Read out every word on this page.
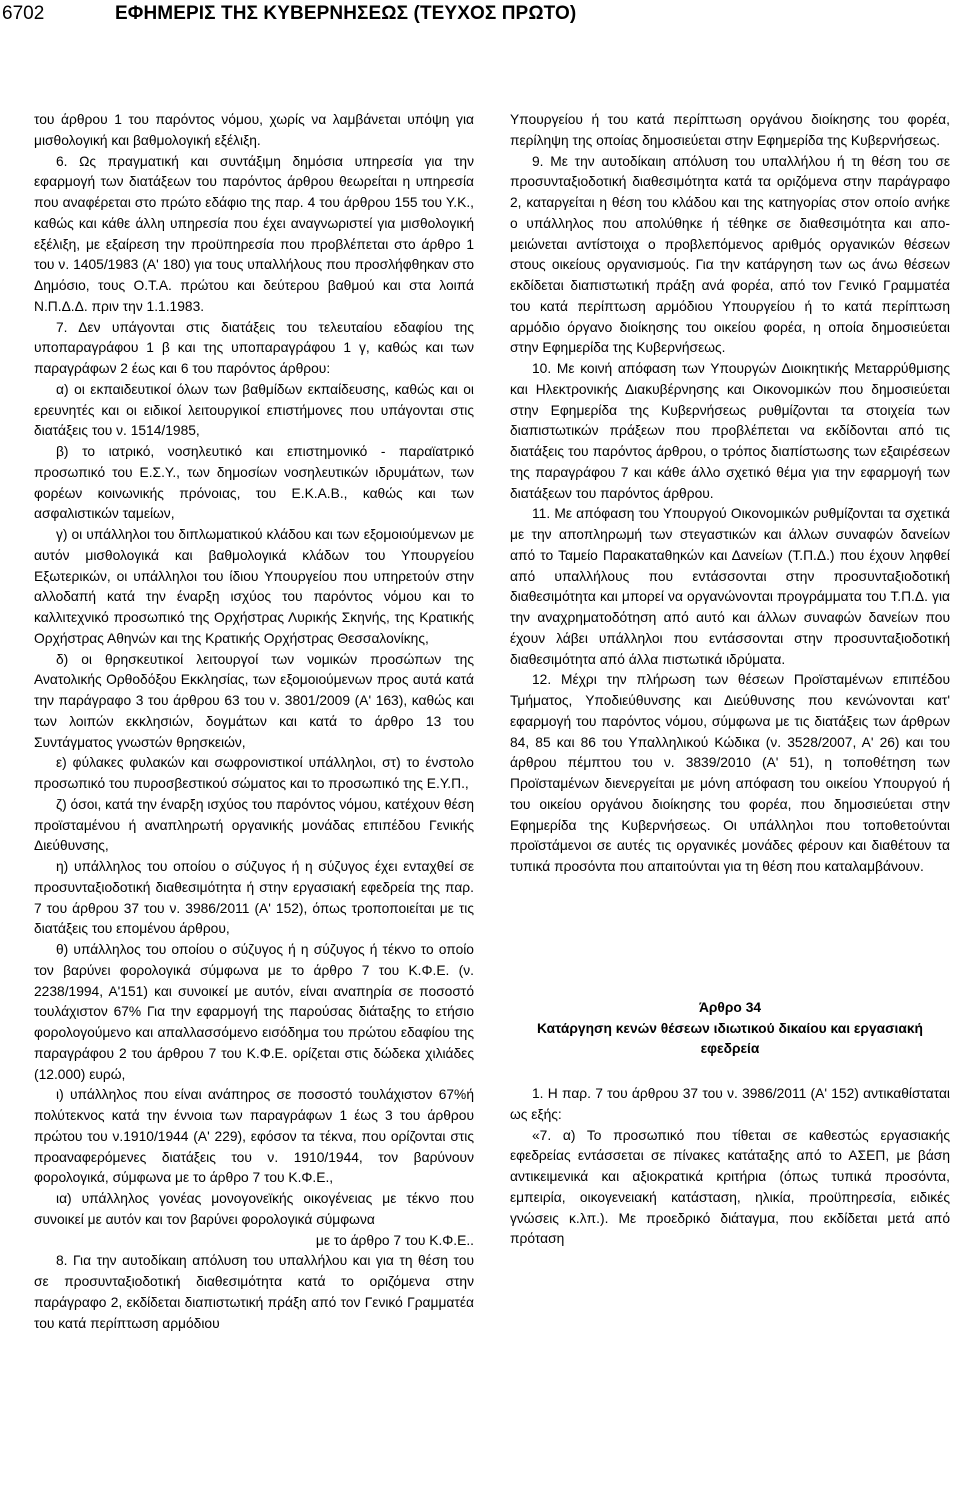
6702	ΕΦΗΜΕΡΙΣ ΤΗΣ ΚΥΒΕΡΝΗΣΕΩΣ (ΤΕΥΧΟΣ ΠΡΩΤΟ)

του άρθρου 1 του παρόντος νόμου, χωρίς να λαμβάνεται υπόψη για μισθολογική και βαθμολογική εξέλιξη.

6. Ως πραγματική και συντάξιμη δημόσια υπηρεσία για την εφαρμογή των διατάξεων του παρόντος άρθρου θεωρείται η υπηρεσία που αναφέρεται στο πρώτο εδάφιο της παρ. 4 του άρθρου 155 του Υ.Κ., καθώς και κάθε άλλη υπηρεσία που έχει αναγνωριστεί για μισθολογική εξέλιξη, με εξαίρεση την προϋπηρεσία που προβλέπεται στο άρθρο 1 του ν. 1405/1983 (Α' 180) για τους υπαλλήλους που προσλήφθηκαν στο Δημόσιο, τους Ο.Τ.Α. πρώτου και δεύτερου βαθμού και στα λοιπά Ν.Π.Δ.Δ. πριν την 1.1.1983.

7. Δεν υπάγονται στις διατάξεις του τελευταίου εδαφίου της υποπαραγράφου 1 β και της υποπαραγράφου 1 γ, καθώς και των παραγράφων 2 έως και 6 του παρόντος άρθρου:

α) οι εκπαιδευτικοί όλων των βαθμίδων εκπαίδευσης, καθώς και οι ερευνητές και οι ειδικοί λειτουργικοί επιστήμονες που υπάγονται στις διατάξεις του ν. 1514/1985,

β) το ιατρικό, νοσηλευτικό και επιστημονικό - παραϊατρικό προσωπικό του Ε.Σ.Υ., των δημοσίων νοσηλευτικών ιδρυμάτων, των φορέων κοινωνικής πρόνοιας, του Ε.Κ.Α.Β., καθώς και των ασφαλιστικών ταμείων,

γ) οι υπάλληλοι του διπλωματικού κλάδου και των εξομοιούμενων με αυτόν μισθολογικά και βαθμολογικά κλάδων του Υπουργείου Εξωτερικών, οι υπάλληλοι του ίδιου Υπουργείου που υπηρετούν στην αλλοδαπή κατά την έναρξη ισχύος του παρόντος νόμου και το καλλιτεχνικό προσωπικό της Ορχήστρας Λυρικής Σκηνής, της Κρατικής Ορχήστρας Αθηνών και της Κρατικής Ορχήστρας Θεσσαλονίκης,

δ) οι θρησκευτικοί λειτουργοί των νομικών προσώπων της Ανατολικής Ορθοδόξου Εκκλησίας, των εξομοιούμενων προς αυτά κατά την παράγραφο 3 του άρθρου 63 του ν. 3801/2009 (Α' 163), καθώς και των λοιπών εκκλησιών, δογμάτων και κατά το άρθρο 13 του Συντάγματος γνωστών θρησκειών,

ε) φύλακες φυλακών και σωφρονιστικοί υπάλληλοι, στ) το ένστολο προσωπικό του πυροσβεστικού σώματος και το προσωπικό της Ε.Υ.Π.,

ζ) όσοι, κατά την έναρξη ισχύος του παρόντος νόμου, κατέχουν θέση προϊσταμένου ή αναπληρωτή οργανικής μονάδας επιπέδου Γενικής Διεύθυνσης,

η) υπάλληλος του οποίου ο σύζυγος ή η σύζυγος έχει ενταχθεί σε προσυνταξιοδοτική διαθεσιμότητα ή στην εργασιακή εφεδρεία της παρ. 7 του άρθρου 37 του ν. 3986/2011 (Α' 152), όπως τροποποιείται με τις διατάξεις του επομένου άρθρου,

θ) υπάλληλος του οποίου ο σύζυγος ή η σύζυγος ή τέκνο το οποίο τον βαρύνει φορολογικά σύμφωνα με το άρθρο 7 του Κ.Φ.Ε. (ν. 2238/1994, Α'151) και συνοικεί με αυτόν, είναι αναπηρία σε ποσοστό τουλάχιστον 67% Για την εφαρμογή της παρούσας διάταξης το ετήσιο φορολογούμενο και απαλλασσόμενο εισόδημα του πρώτου εδαφίου της παραγράφου 2 του άρθρου 7 του Κ.Φ.Ε. ορίζεται στις δώδεκα χιλιάδες (12.000) ευρώ,

ι) υπάλληλος που είναι ανάπηρος σε ποσοστό τουλάχιστον 67%ή πολύτεκνος κατά την έννοια των παραγράφων 1 έως 3 του άρθρου πρώτου του ν.1910/1944 (Α' 229), εφόσον τα τέκνα, που ορίζονται στις προαναφερόμενες διατάξεις του ν. 1910/1944, τον βαρύνουν φορολογικά, σύμφωνα με το άρθρο 7 του Κ.Φ.Ε.,

ια) υπάλληλος γονέας μονογονεϊκής οικογένειας με τέκνο που συνοικεί με αυτόν και τον βαρύνει φορολογικά σύμφωνα

με το άρθρο 7 του Κ.Φ.Ε..

8. Για την αυτοδίκαιη απόλυση του υπαλλήλου και για τη θέση του σε προσυνταξιοδοτική διαθεσιμότητα κατά το οριζόμενα στην παράγραφο 2, εκδίδεται διαπιστωτική πράξη από τον Γενικό Γραμματέα του κατά περίπτωση αρμόδιου

Υπουργείου ή του κατά περίπτωση οργάνου διοίκησης του φορέα, περίληψη της οποίας δημοσιεύεται στην Εφημερίδα της Κυβερνήσεως.

9. Με την αυτοδίκαιη απόλυση του υπαλλήλου ή τη θέση του σε προσυνταξιοδοτική διαθεσιμότητα κατά τα οριζόμενα στην παράγραφο 2, καταργείται η θέση του κλάδου και της κατηγορίας στον οποίο ανήκε ο υπάλληλος που απολύθηκε ή τέθηκε σε διαθεσιμότητα και απο-μειώνεται αντίστοιχα ο προβλεπόμενος αριθμός οργανικών θέσεων στους οικείους οργανισμούς. Για την κατάργηση των ως άνω θέσεων εκδίδεται διαπιστωτική πράξη ανά φορέα, από τον Γενικό Γραμματέα του κατά περίπτωση αρμόδιου Υπουργείου ή το κατά περίπτωση αρμόδιο όργανο διοίκησης του οικείου φορέα, η οποία δημοσιεύεται στην Εφημερίδα της Κυβερνήσεως.

10. Με κοινή απόφαση των Υπουργών Διοικητικής Μεταρρύθμισης και Ηλεκτρονικής Διακυβέρνησης και Οικονομικών που δημοσιεύεται στην Εφημερίδα της Κυβερνήσεως ρυθμίζονται τα στοιχεία των διαπιστωτικών πράξεων που προβλέπεται να εκδίδονται από τις διατάξεις του παρόντος άρθρου, ο τρόπος διαπίστωσης των εξαιρέσεων της παραγράφου 7 και κάθε άλλο σχετικό θέμα για την εφαρμογή των διατάξεων του παρόντος άρθρου.

11. Με απόφαση του Υπουργού Οικονομικών ρυθμίζονται τα σχετικά με την αποπληρωμή των στεγαστικών και άλλων συναφών δανείων από το Ταμείο Παρακαταθηκών και Δανείων (Τ.Π.Δ.) που έχουν ληφθεί από υπαλλήλους που εντάσσονται στην προσυνταξιοδοτική διαθεσιμότητα και μπορεί να οργανώνονται προγράμματα του Τ.Π.Δ. για την αναχρηματοδότηση από αυτό και άλλων συναφών δανείων που έχουν λάβει υπάλληλοι που εντάσσονται στην προσυνταξιοδοτική διαθεσιμότητα από άλλα πιστωτικά ιδρύματα.

12. Μέχρι την πλήρωση των θέσεων Προϊσταμένων επιπέδου Τμήματος, Υποδιεύθυνσης και Διεύθυνσης που κενώνονται κατ' εφαρμογή του παρόντος νόμου, σύμφωνα με τις διατάξεις των άρθρων 84, 85 και 86 του Υπαλληλικού Κώδικα (ν. 3528/2007, Α' 26) και του άρθρου πέμπτου του ν. 3839/2010 (Α' 51), η τοποθέτηση των Προϊσταμένων διενεργείται με μόνη απόφαση του οικείου Υπουργού ή του οικείου οργάνου διοίκησης του φορέα, που δημοσιεύεται στην Εφημερίδα της Κυβερνήσεως. Οι υπάλληλοι που τοποθετούνται προϊστάμενοι σε αυτές τις οργανικές μονάδες φέρουν και διαθέτουν τα τυπικά προσόντα που απαιτούνται για τη θέση που καταλαμβάνουν.

Άρθρο 34

Κατάργηση κενών θέσεων ιδιωτικού δικαίου και εργασιακή εφεδρεία

1. Η παρ. 7 του άρθρου 37 του ν. 3986/2011 (Α' 152) αντικαθίσταται ως εξής:

«7. α) Το προσωπικό που τίθεται σε καθεστώς εργασιακής εφεδρείας εντάσσεται σε πίνακες κατάταξης από το ΑΣΕΠ, με βάση αντικειμενικά και αξιοκρατικά κριτήρια (όπως τυπικά προσόντα, εμπειρία, οικογενειακή κατάσταση, ηλικία, προϋπηρεσία, ειδικές γνώσεις κ.λπ.). Με προεδρικό διάταγμα, που εκδίδεται μετά από πρόταση
